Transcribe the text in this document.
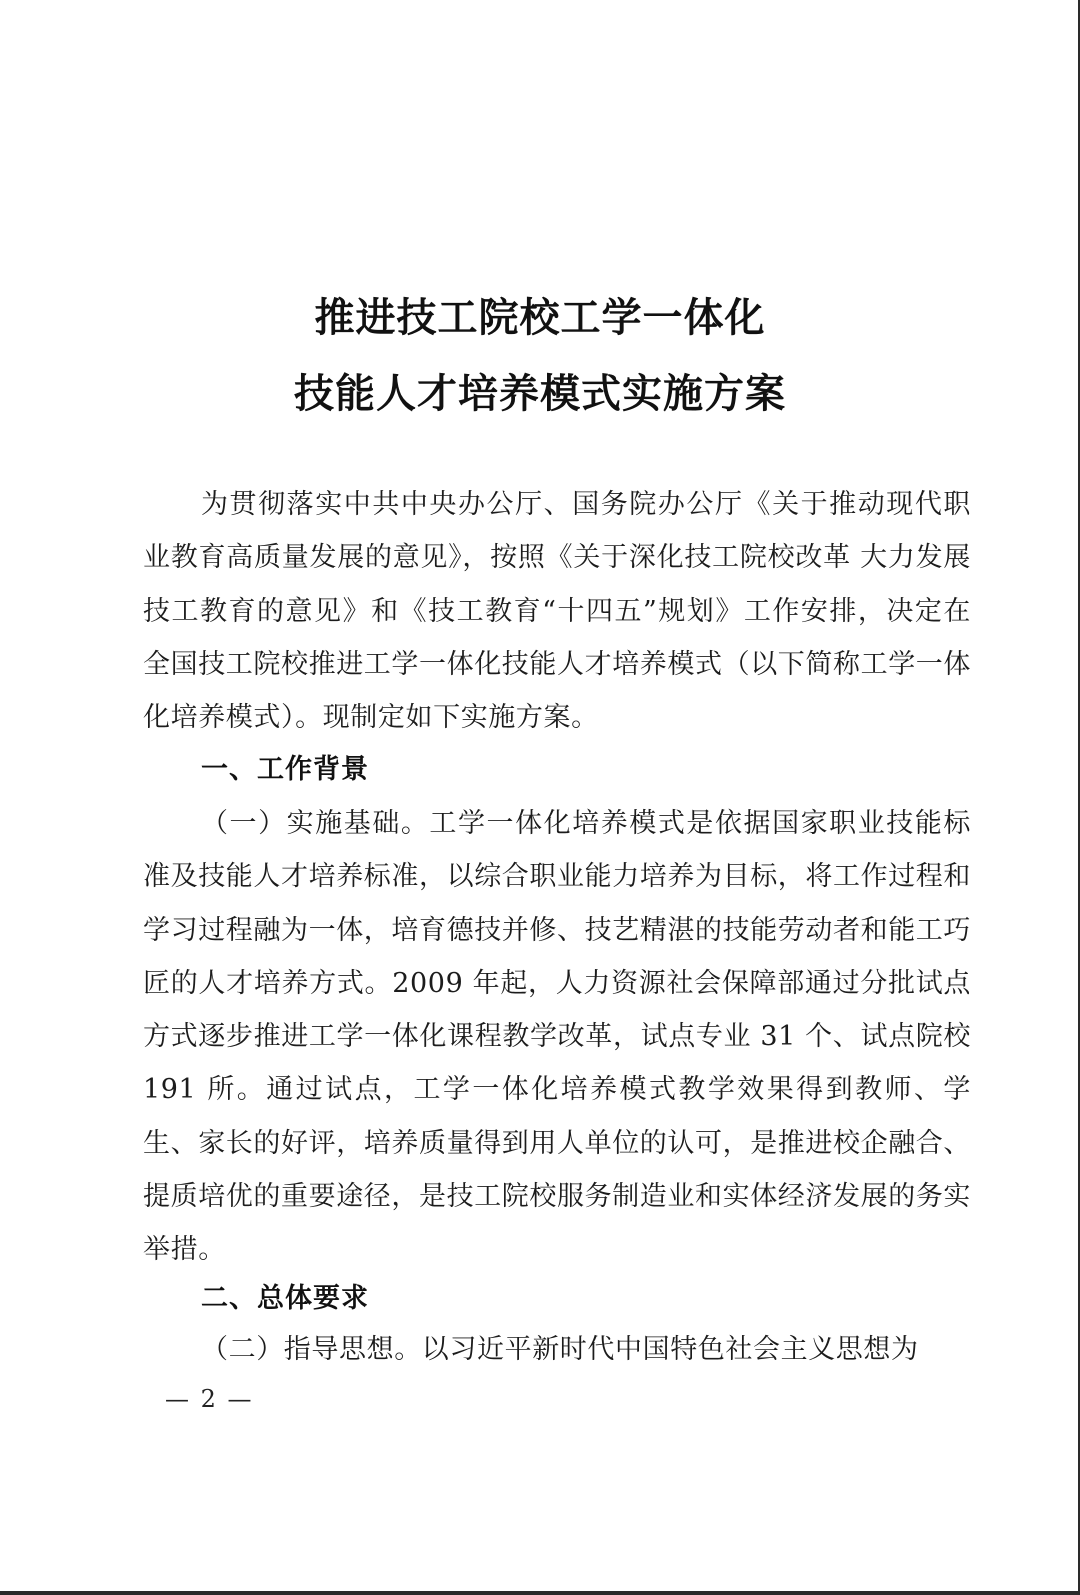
推进技工院校工学一体化
技能人才培养模式实施方案

为贯彻落实中共中央办公厅、国务院办公厅《关于推动现代职业教育高质量发展的意见》，按照《关于深化技工院校改革 大力发展技工教育的意见》和《技工教育“十四五”规划》工作安排，决定在全国技工院校推进工学一体化技能人才培养模式（以下简称工学一体化培养模式）。现制定如下实施方案。

一、工作背景

（一）实施基础。工学一体化培养模式是依据国家职业技能标准及技能人才培养标准，以综合职业能力培养为目标，将工作过程和学习过程融为一体，培育德技并修、技艺精湛的技能劳动者和能工巧匠的人才培养方式。2009 年起，人力资源社会保障部通过分批试点方式逐步推进工学一体化课程教学改革，试点专业 31 个、试点院校 191 所。通过试点，工学一体化培养模式教学效果得到教师、学生、家长的好评，培养质量得到用人单位的认可，是推进校企融合、提质培优的重要途径，是技工院校服务制造业和实体经济发展的务实举措。

二、总体要求

（二）指导思想。以习近平新时代中国特色社会主义思想为

— 2 —
